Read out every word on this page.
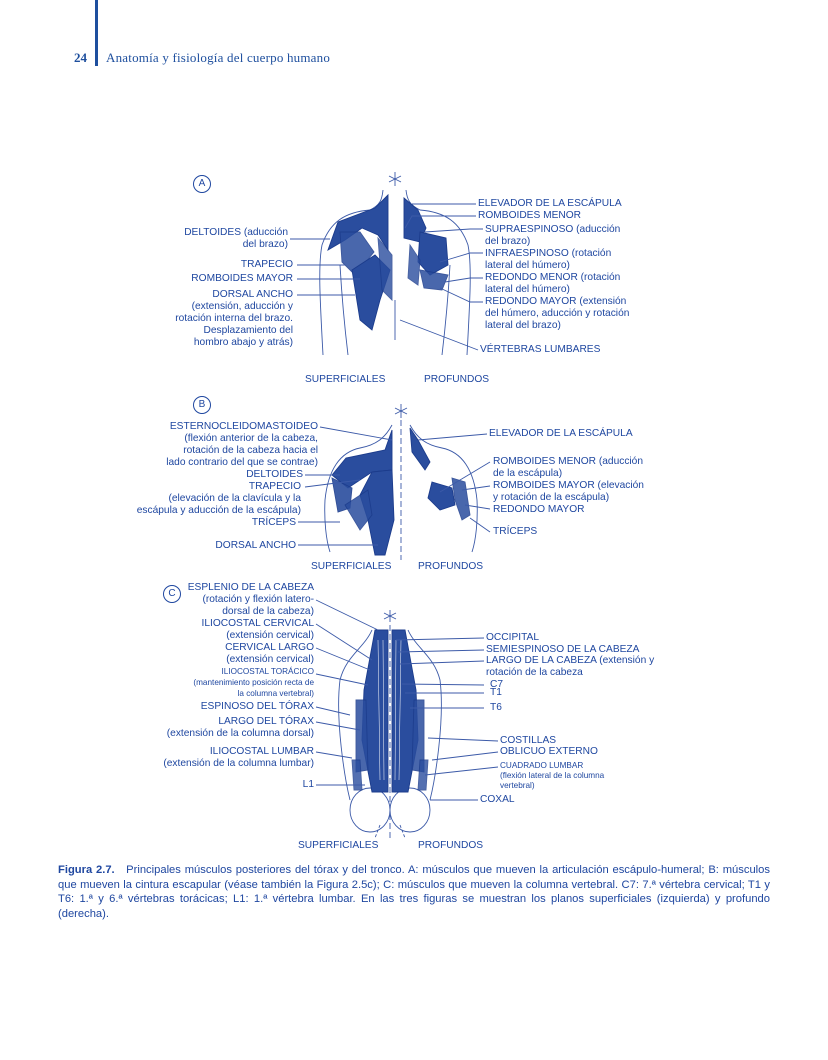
24 Anatomía y fisiología del cuerpo humano
A
DELTOIDES (aducción
del brazo)
TRAPECIO
ROMBOIDES MAYOR
DORSAL ANCHO
(extensión, aducción y
rotación interna del brazo.
Desplazamiento del
hombro abajo y atrás)
ELEVADOR DE LA ESCÁPULA
ROMBOIDES MENOR
SUPRAESPINOSO (aducción
del brazo)
INFRAESPINOSO (rotación
lateral del húmero)
REDONDO MENOR (rotación
lateral del húmero)
REDONDO MAYOR (extensión
del húmero, aducción y rotación
lateral del brazo)
VÉRTEBRAS LUMBARES
SUPERFICIALES	PROFUNDOS
B
ESTERNOCLEIDOMASTOIDEO
(flexión anterior de la cabeza,
rotación de la cabeza hacia el
lado contrario del que se contrae)
DELTOIDES
TRAPECIO
(elevación de la clavícula y la
escápula y aducción de la escápula)
TRÍCEPS
DORSAL ANCHO
ELEVADOR DE LA ESCÁPULA
ROMBOIDES MENOR (aducción
de la escápula)
ROMBOIDES MAYOR (elevación
y rotación de la escápula)
REDONDO MAYOR
TRÍCEPS
SUPERFICIALES	PROFUNDOS
C
ESPLENIO DE LA CABEZA
(rotación y flexión latero-
dorsal de la cabeza)
ILIOCOSTAL CERVICAL
(extensión cervical)
CERVICAL LARGO
(extensión cervical)
ILIOCOSTAL TORÁCICO
(mantenimiento posición recta de
la columna vertebral)
ESPINOSO DEL TÓRAX
LARGO DEL TÓRAX
(extensión de la columna dorsal)
ILIOCOSTAL LUMBAR
(extensión de la columna lumbar)
L1
OCCIPITAL
SEMIESPINOSO DE LA CABEZA
LARGO DE LA CABEZA (extensión y
rotación de la cabeza
C7
T1
T6
COSTILLAS
OBLICUO EXTERNO
CUADRADO LUMBAR
(flexión lateral de la columna
vertebral)
COXAL
SUPERFICIALES	PROFUNDOS
Figura 2.7. Principales músculos posteriores del tórax y del tronco. A: músculos que mueven la articulación escápulo-humeral; B: músculos que mueven la cintura escapular (véase también la Figura 2.5c); C: músculos que mueven la columna vertebral. C7: 7.ª vértebra cervical; T1 y T6: 1.ª y 6.ª vértebras torácicas; L1: 1.ª vértebra lumbar. En las tres figuras se muestran los planos superficiales (izquierda) y profundo (derecha).
